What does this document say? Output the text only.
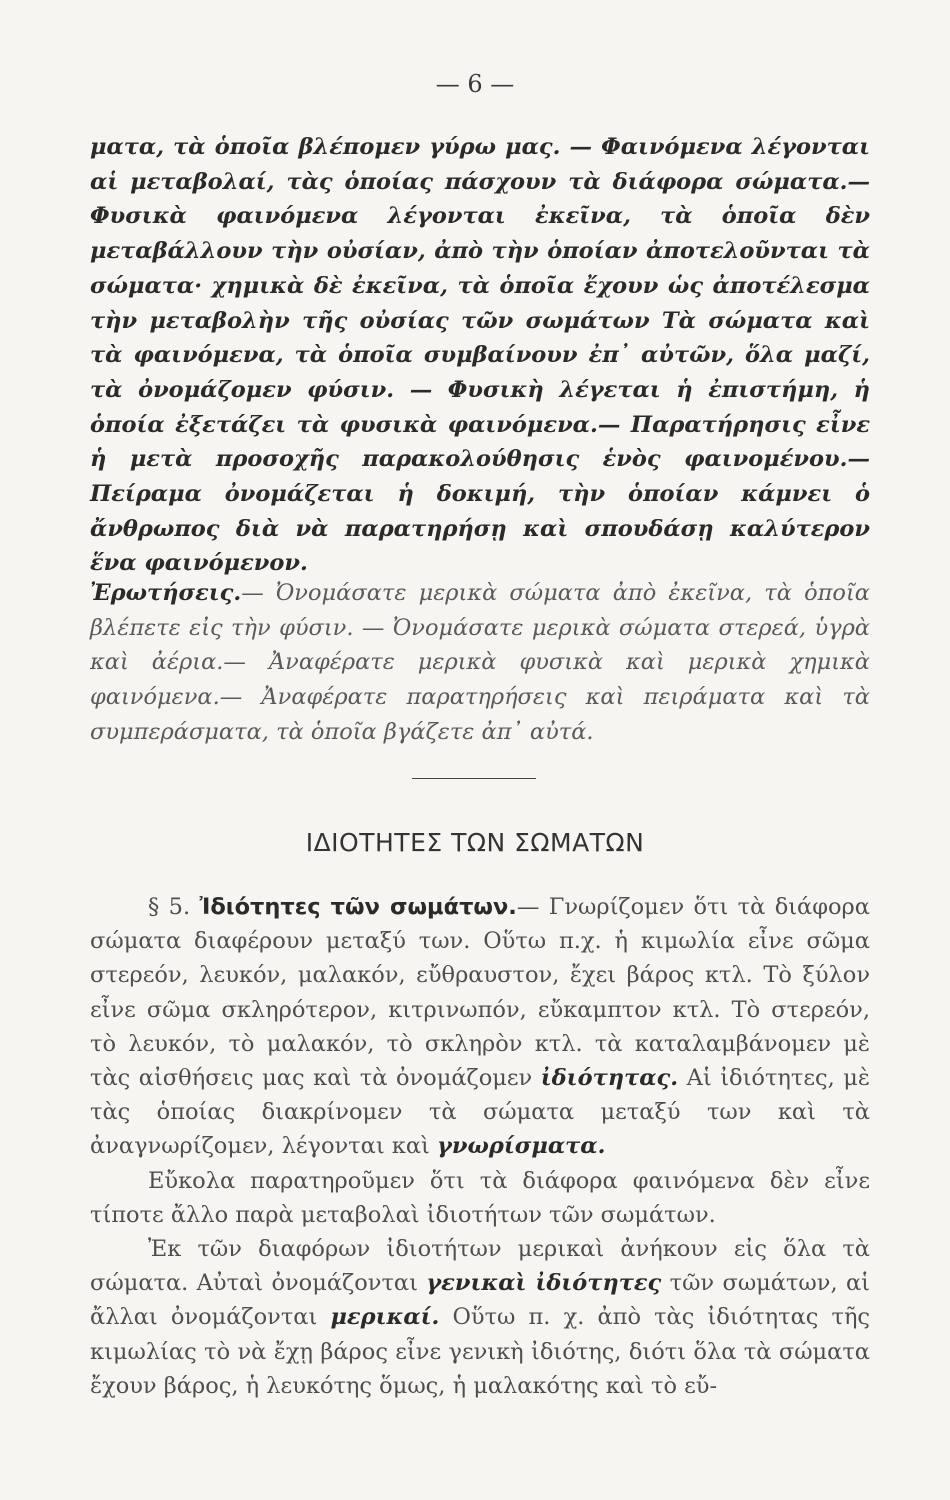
— 6 —

ματα, τὰ ὁποῖα βλέπομεν γύρω μας. — Φαινόμενα λέγονται αἱ μεταβολαί, τὰς ὁποίας πάσχουν τὰ διάφορα σώματα.— Φυσικὰ φαινόμενα λέγονται ἐκεῖνα, τὰ ὁποῖα δὲν μεταβάλλουν τὴν οὐσίαν, ἀπὸ τὴν ὁποίαν ἀποτελοῦνται τὰ σώματα· χημικὰ δὲ ἐκεῖνα, τὰ ὁποῖα ἔχουν ὡς ἀποτέλεσμα τὴν μεταβολὴν τῆς οὐσίας τῶν σωμάτων Τὰ σώματα καὶ τὰ φαινόμενα, τὰ ὁποῖα συμβαίνουν ἐπ᾽ αὐτῶν, ὅλα μαζί, τὰ ὀνομάζομεν φύσιν. — Φυσικὴ λέγεται ἡ ἐπιστήμη, ἡ ὁποία ἐξετάζει τὰ φυσικὰ φαινόμενα.— Παρατήρησις εἶνε ἡ μετὰ προσοχῆς παρακολούθησις ἑνὸς φαινομένου.—Πείραμα ὀνομάζεται ἡ δοκιμή, τὴν ὁποίαν κάμνει ὁ ἄνθρωπος διὰ νὰ παρατηρήσῃ καὶ σπουδάσῃ καλύτερον ἕνα φαινόμενον.

Ἐρωτήσεις.— Ὀνομάσατε μερικὰ σώματα ἀπὸ ἐκεῖνα, τὰ ὁποῖα βλέπετε εἰς τὴν φύσιν. — Ὀνομάσατε μερικὰ σώματα στερεά, ὑγρὰ καὶ ἀέρια.— Ἀναφέρατε μερικὰ φυσικὰ καὶ μερικὰ χημικὰ φαινόμενα.— Ἀναφέρατε παρατηρήσεις καὶ πειράματα καὶ τὰ συμπεράσματα, τὰ ὁποῖα βγάζετε ἀπ᾽ αὐτά.

ΙΔΙΟΤΗΤΕΣ ΤΩΝ ΣΩΜΑΤΩΝ

§ 5. Ἰδιότητες τῶν σωμάτων.— Γνωρίζομεν ὅτι τὰ διάφορα σώματα διαφέρουν μεταξύ των. Οὕτω π.χ. ἡ κιμωλία εἶνε σῶμα στερεόν, λευκόν, μαλακόν, εὔθραυστον, ἔχει βάρος κτλ. Τὸ ξύλον εἶνε σῶμα σκληρότερον, κιτρινωπόν, εὔκαμπτον κτλ. Τὸ στερεόν, τὸ λευκόν, τὸ μαλακόν, τὸ σκληρὸν κτλ. τὰ καταλαμβάνομεν μὲ τὰς αἰσθήσεις μας καὶ τὰ ὀνομάζομεν ἰδιότητας. Αἱ ἰδιότητες, μὲ τὰς ὁποίας διακρίνομεν τὰ σώματα μεταξύ των καὶ τὰ ἀναγνωρίζομεν, λέγονται καὶ γνωρίσματα.

Εὔκολα παρατηροῦμεν ὅτι τὰ διάφορα φαινόμενα δὲν εἶνε τίποτε ἄλλο παρὰ μεταβολαὶ ἰδιοτήτων τῶν σωμάτων.

Ἐκ τῶν διαφόρων ἰδιοτήτων μερικαὶ ἀνήκουν εἰς ὅλα τὰ σώματα. Αὐταὶ ὀνομάζονται γενικαὶ ἰδιότητες τῶν σωμάτων, αἱ ἄλλαι ὀνομάζονται μερικαί. Οὕτω π. χ. ἀπὸ τὰς ἰδιότητας τῆς κιμωλίας τὸ νὰ ἔχῃ βάρος εἶνε γενικὴ ἰδιότης, διότι ὅλα τὰ σώματα ἔχουν βάρος, ἡ λευκότης ὅμως, ἡ μαλακότης καὶ τὸ εὔ-
